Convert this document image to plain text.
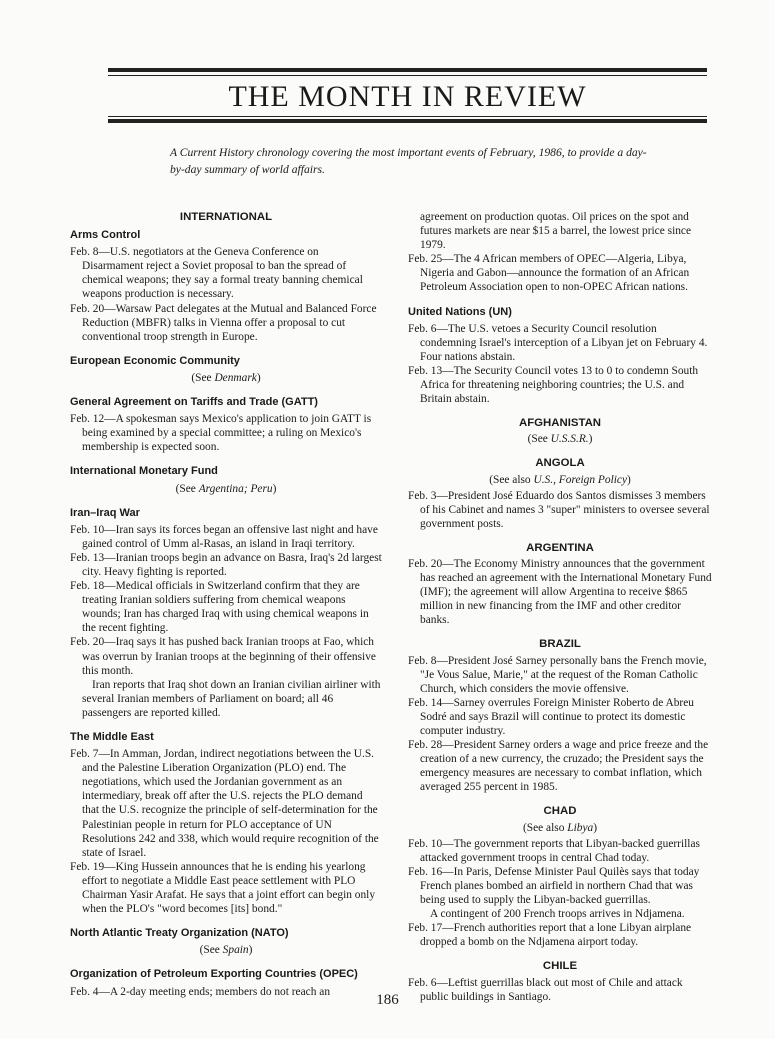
THE MONTH IN REVIEW
A Current History chronology covering the most important events of February, 1986, to provide a day-by-day summary of world affairs.
INTERNATIONAL
Arms Control

Feb. 8—U.S. negotiators at the Geneva Conference on Disarmament reject a Soviet proposal to ban the spread of chemical weapons; they say a formal treaty banning chemical weapons production is necessary.

Feb. 20—Warsaw Pact delegates at the Mutual and Balanced Force Reduction (MBFR) talks in Vienna offer a proposal to cut conventional troop strength in Europe.

European Economic Community
(See Denmark)
General Agreement on Tariffs and Trade (GATT)

Feb. 12—A spokesman says Mexico's application to join GATT is being examined by a special committee; a ruling on Mexico's membership is expected soon.

International Monetary Fund
(See Argentina; Peru)
Iran–Iraq War

Feb. 10—Iran says its forces began an offensive last night and have gained control of Umm al-Rasas, an island in Iraqi territory.

Feb. 13—Iranian troops begin an advance on Basra, Iraq's 2d largest city. Heavy fighting is reported.

Feb. 18—Medical officials in Switzerland confirm that they are treating Iranian soldiers suffering from chemical weapons wounds; Iran has charged Iraq with using chemical weapons in the recent fighting.

Feb. 20—Iraq says it has pushed back Iranian troops at Fao, which was overrun by Iranian troops at the beginning of their offensive this month.

Iran reports that Iraq shot down an Iranian civilian airliner with several Iranian members of Parliament on board; all 46 passengers are reported killed.

The Middle East

Feb. 7—In Amman, Jordan, indirect negotiations between the U.S. and the Palestine Liberation Organization (PLO) end. The negotiations, which used the Jordanian government as an intermediary, break off after the U.S. rejects the PLO demand that the U.S. recognize the principle of self-determination for the Palestinian people in return for PLO acceptance of UN Resolutions 242 and 338, which would require recognition of the state of Israel.

Feb. 19—King Hussein announces that he is ending his yearlong effort to negotiate a Middle East peace settlement with PLO Chairman Yasir Arafat. He says that a joint effort can begin only when the PLO's "word becomes [its] bond."

North Atlantic Treaty Organization (NATO)
(See Spain)
Organization of Petroleum Exporting Countries (OPEC)

Feb. 4—A 2-day meeting ends; members do not reach an

agreement on production quotas. Oil prices on the spot and futures markets are near $15 a barrel, the lowest price since 1979.

Feb. 25—The 4 African members of OPEC—Algeria, Libya, Nigeria and Gabon—announce the formation of an African Petroleum Association open to non-OPEC African nations.

United Nations (UN)

Feb. 6—The U.S. vetoes a Security Council resolution condemning Israel's interception of a Libyan jet on February 4. Four nations abstain.

Feb. 13—The Security Council votes 13 to 0 to condemn South Africa for threatening neighboring countries; the U.S. and Britain abstain.

AFGHANISTAN
(See U.S.S.R.)
ANGOLA
(See also U.S., Foreign Policy)

Feb. 3—President José Eduardo dos Santos dismisses 3 members of his Cabinet and names 3 "super" ministers to oversee several government posts.

ARGENTINA

Feb. 20—The Economy Ministry announces that the government has reached an agreement with the International Monetary Fund (IMF); the agreement will allow Argentina to receive $865 million in new financing from the IMF and other creditor banks.

BRAZIL

Feb. 8—President José Sarney personally bans the French movie, "Je Vous Salue, Marie," at the request of the Roman Catholic Church, which considers the movie offensive.

Feb. 14—Sarney overrules Foreign Minister Roberto de Abreu Sodré and says Brazil will continue to protect its domestic computer industry.

Feb. 28—President Sarney orders a wage and price freeze and the creation of a new currency, the cruzado; the President says the emergency measures are necessary to combat inflation, which averaged 255 percent in 1985.

CHAD
(See also Libya)

Feb. 10—The government reports that Libyan-backed guerrillas attacked government troops in central Chad today.

Feb. 16—In Paris, Defense Minister Paul Quilès says that today French planes bombed an airfield in northern Chad that was being used to supply the Libyan-backed guerrillas.

A contingent of 200 French troops arrives in Ndjamena.

Feb. 17—French authorities report that a lone Libyan airplane dropped a bomb on the Ndjamena airport today.

CHILE

Feb. 6—Leftist guerrillas black out most of Chile and attack public buildings in Santiago.

186
